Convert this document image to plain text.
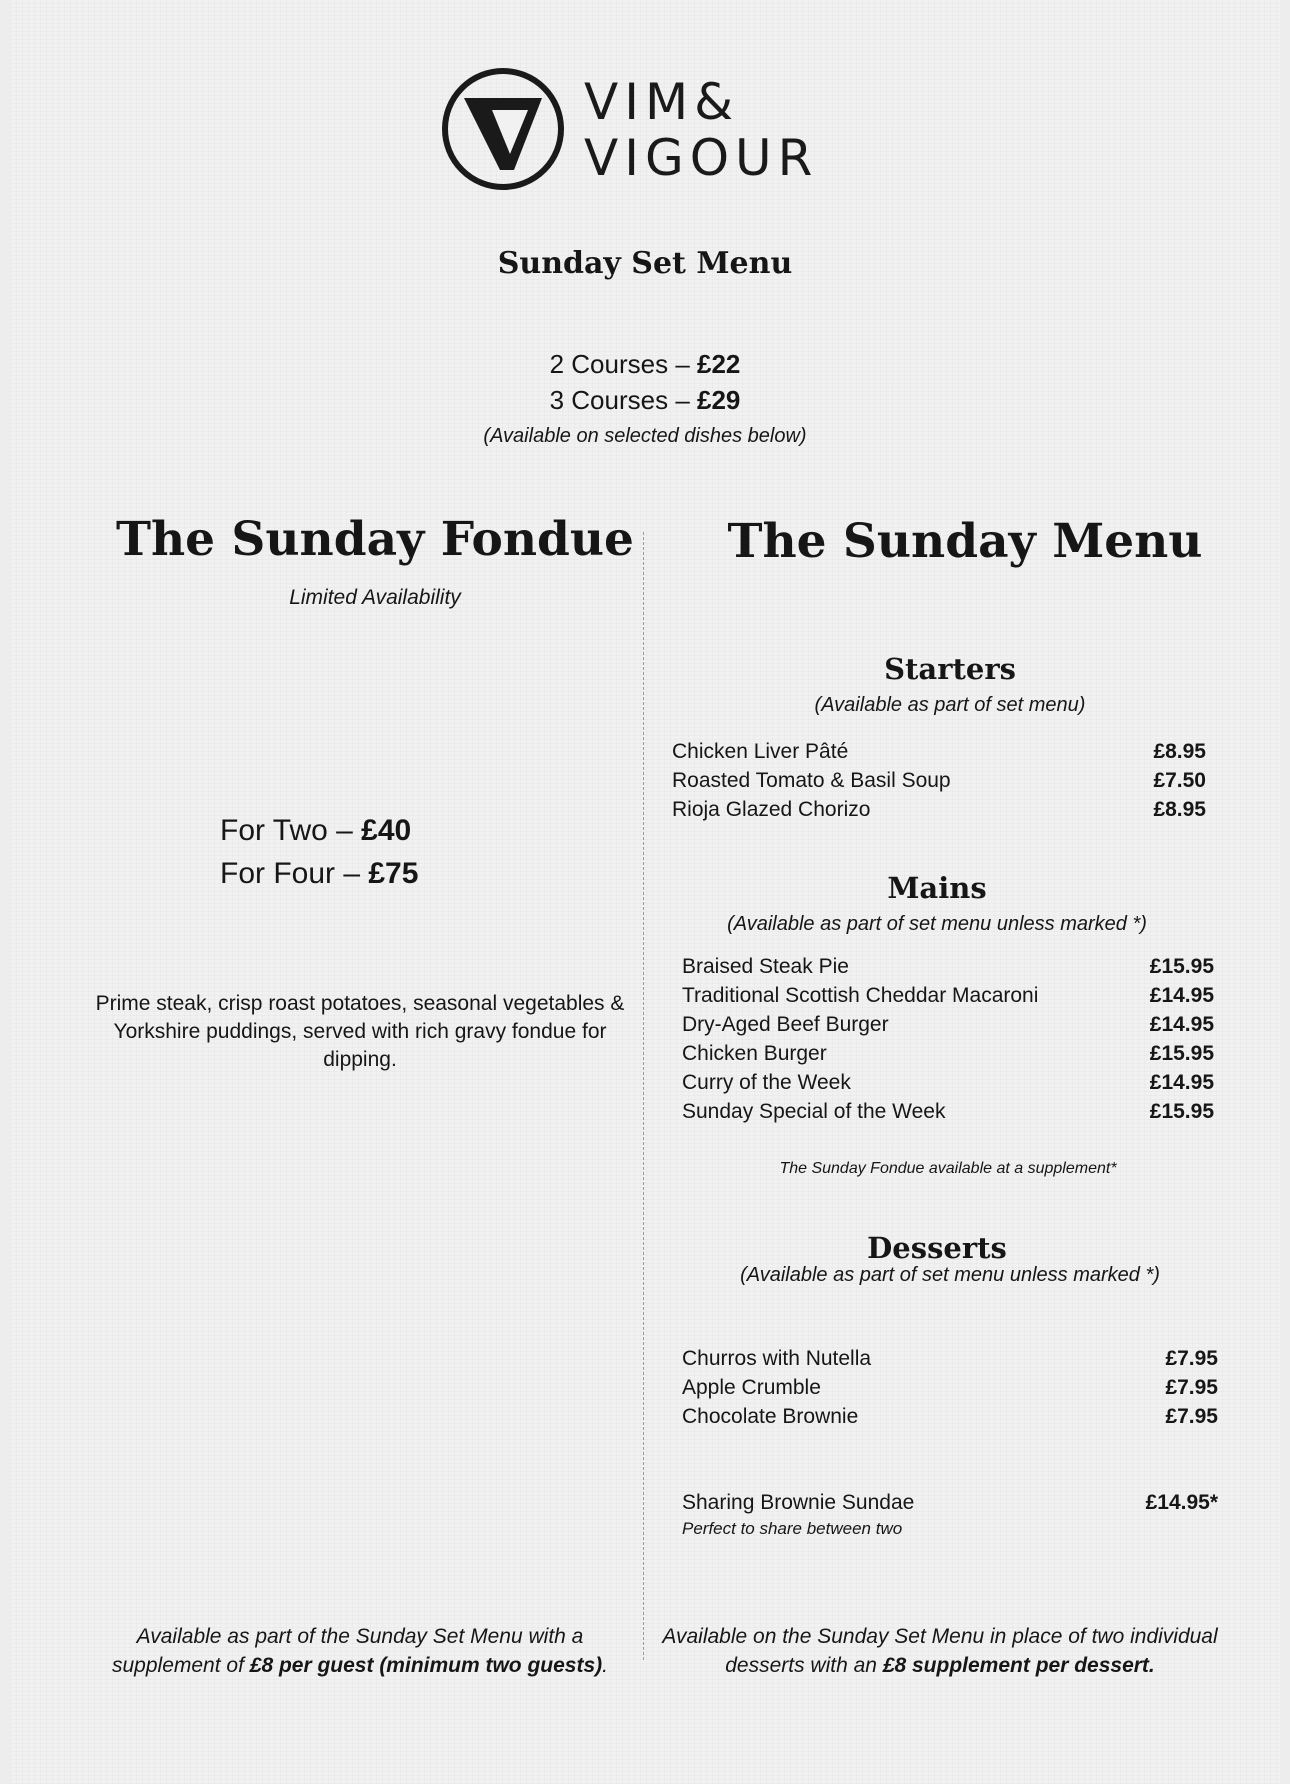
VIM&
VIGOUR
Sunday Set Menu
2 Courses – £22
3 Courses – £29
(Available on selected dishes below)
The Sunday Fondue
Limited Availability
For Two – £40
For Four – £75
Prime steak, crisp roast potatoes, seasonal vegetables & Yorkshire puddings, served with rich gravy fondue for dipping.
Available as part of the Sunday Set Menu with a supplement of £8 per guest (minimum two guests).
The Sunday Menu
Starters
(Available as part of set menu)
Chicken Liver Pâté	£8.95
Roasted Tomato & Basil Soup	£7.50
Rioja Glazed Chorizo	£8.95
Mains
(Available as part of set menu unless marked *)
Braised Steak Pie	£15.95
Traditional Scottish Cheddar Macaroni	£14.95
Dry-Aged Beef Burger	£14.95
Chicken Burger	£15.95
Curry of the Week	£14.95
Sunday Special of the Week	£15.95
The Sunday Fondue available at a supplement*
Desserts
(Available as part of set menu unless marked *)
Churros with Nutella	£7.95
Apple Crumble	£7.95
Chocolate Brownie	£7.95
Sharing Brownie Sundae	£14.95*
Perfect to share between two
Available on the Sunday Set Menu in place of two individual desserts with an £8 supplement per dessert.
